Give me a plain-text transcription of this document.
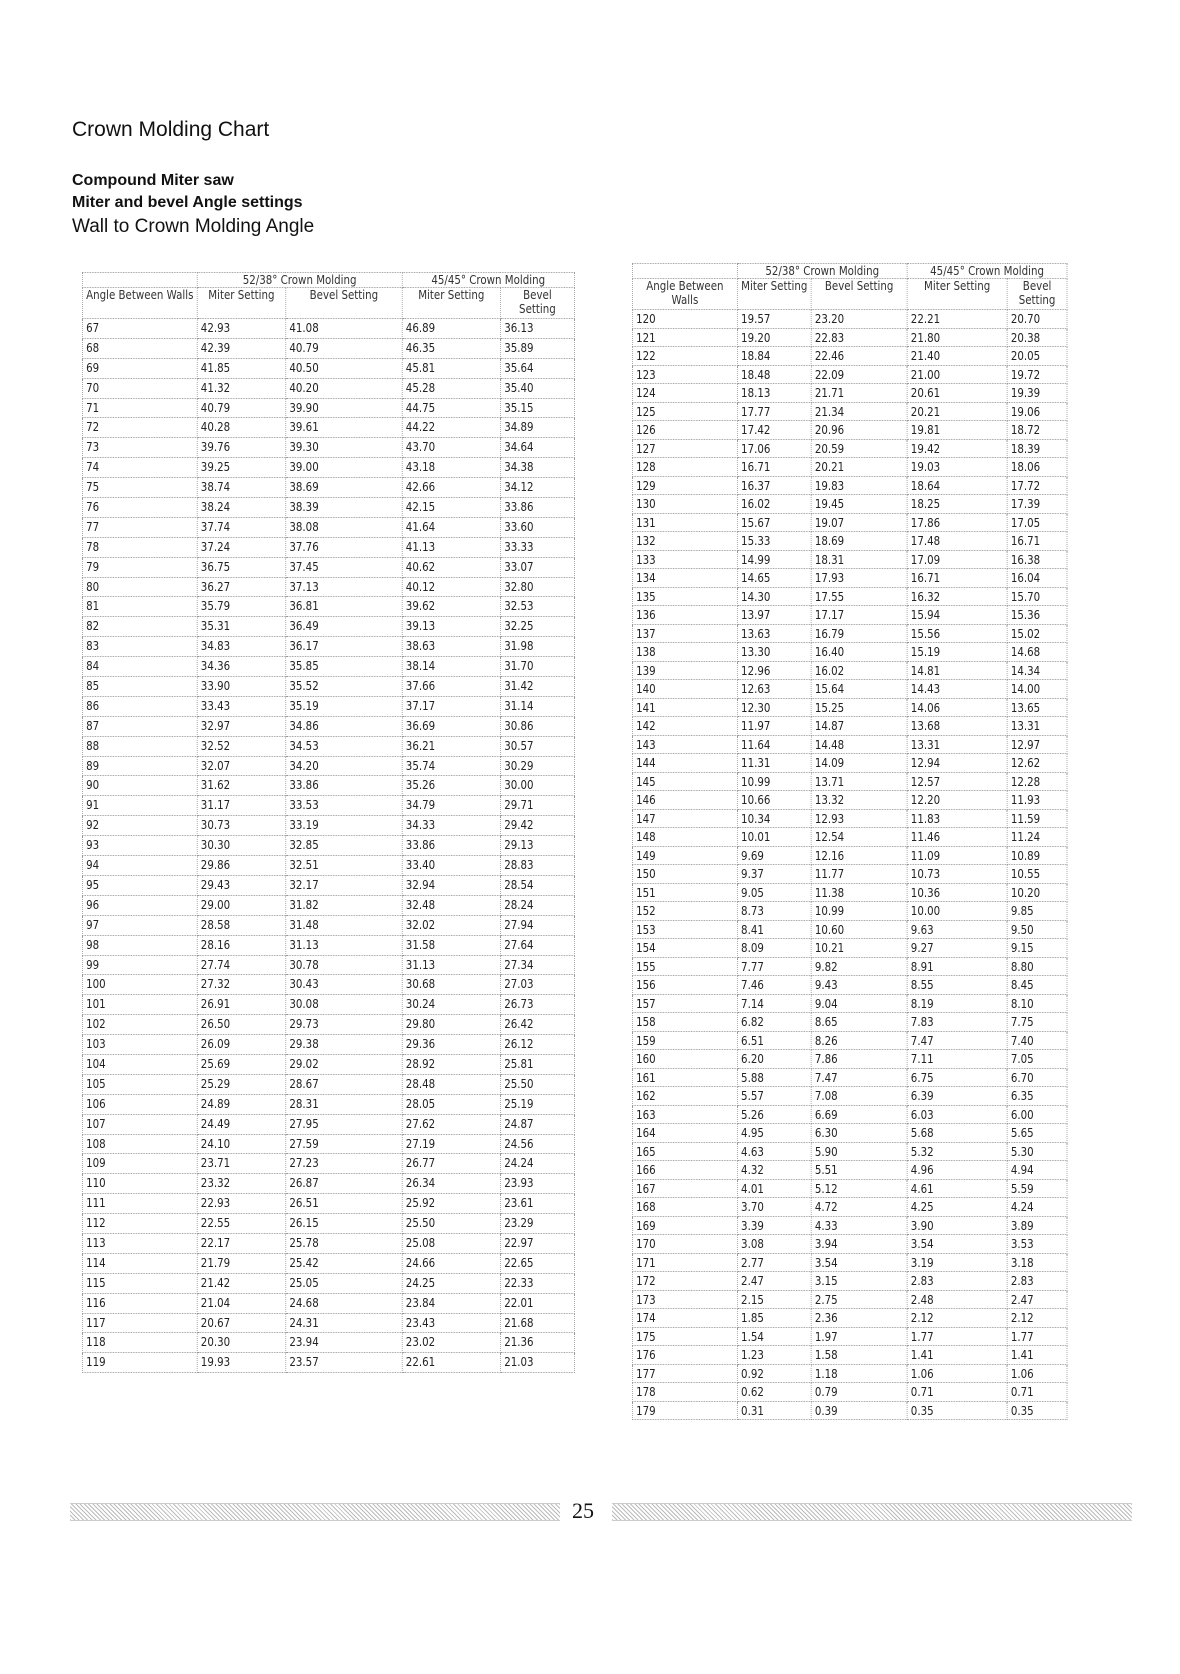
Crown Molding Chart
Compound Miter saw
Miter and bevel Angle settings
Wall to Crown Molding Angle
	52/38° Crown Molding		45/45° Crown Molding	
Angle Between Walls	Miter Setting	Bevel Setting	Miter Setting	Bevel Setting
67	42.93	41.08	46.89	36.13
68	42.39	40.79	46.35	35.89
69	41.85	40.50	45.81	35.64
70	41.32	40.20	45.28	35.40
71	40.79	39.90	44.75	35.15
72	40.28	39.61	44.22	34.89
73	39.76	39.30	43.70	34.64
74	39.25	39.00	43.18	34.38
75	38.74	38.69	42.66	34.12
76	38.24	38.39	42.15	33.86
77	37.74	38.08	41.64	33.60
78	37.24	37.76	41.13	33.33
79	36.75	37.45	40.62	33.07
80	36.27	37.13	40.12	32.80
81	35.79	36.81	39.62	32.53
82	35.31	36.49	39.13	32.25
83	34.83	36.17	38.63	31.98
84	34.36	35.85	38.14	31.70
85	33.90	35.52	37.66	31.42
86	33.43	35.19	37.17	31.14
87	32.97	34.86	36.69	30.86
88	32.52	34.53	36.21	30.57
89	32.07	34.20	35.74	30.29
90	31.62	33.86	35.26	30.00
91	31.17	33.53	34.79	29.71
92	30.73	33.19	34.33	29.42
93	30.30	32.85	33.86	29.13
94	29.86	32.51	33.40	28.83
95	29.43	32.17	32.94	28.54
96	29.00	31.82	32.48	28.24
97	28.58	31.48	32.02	27.94
98	28.16	31.13	31.58	27.64
99	27.74	30.78	31.13	27.34
100	27.32	30.43	30.68	27.03
101	26.91	30.08	30.24	26.73
102	26.50	29.73	29.80	26.42
103	26.09	29.38	29.36	26.12
104	25.69	29.02	28.92	25.81
105	25.29	28.67	28.48	25.50
106	24.89	28.31	28.05	25.19
107	24.49	27.95	27.62	24.87
108	24.10	27.59	27.19	24.56
109	23.71	27.23	26.77	24.24
110	23.32	26.87	26.34	23.93
111	22.93	26.51	25.92	23.61
112	22.55	26.15	25.50	23.29
113	22.17	25.78	25.08	22.97
114	21.79	25.42	24.66	22.65
115	21.42	25.05	24.25	22.33
116	21.04	24.68	23.84	22.01
117	20.67	24.31	23.43	21.68
118	20.30	23.94	23.02	21.36
119	19.93	23.57	22.61	21.03
	52/38° Crown Molding		45/45° Crown Molding	
Angle Between Walls	Miter Setting	Bevel Setting	Miter Setting	Bevel Setting
120	19.57	23.20	22.21	20.70
121	19.20	22.83	21.80	20.38
122	18.84	22.46	21.40	20.05
123	18.48	22.09	21.00	19.72
124	18.13	21.71	20.61	19.39
125	17.77	21.34	20.21	19.06
126	17.42	20.96	19.81	18.72
127	17.06	20.59	19.42	18.39
128	16.71	20.21	19.03	18.06
129	16.37	19.83	18.64	17.72
130	16.02	19.45	18.25	17.39
131	15.67	19.07	17.86	17.05
132	15.33	18.69	17.48	16.71
133	14.99	18.31	17.09	16.38
134	14.65	17.93	16.71	16.04
135	14.30	17.55	16.32	15.70
136	13.97	17.17	15.94	15.36
137	13.63	16.79	15.56	15.02
138	13.30	16.40	15.19	14.68
139	12.96	16.02	14.81	14.34
140	12.63	15.64	14.43	14.00
141	12.30	15.25	14.06	13.65
142	11.97	14.87	13.68	13.31
143	11.64	14.48	13.31	12.97
144	11.31	14.09	12.94	12.62
145	10.99	13.71	12.57	12.28
146	10.66	13.32	12.20	11.93
147	10.34	12.93	11.83	11.59
148	10.01	12.54	11.46	11.24
149	9.69	12.16	11.09	10.89
150	9.37	11.77	10.73	10.55
151	9.05	11.38	10.36	10.20
152	8.73	10.99	10.00	9.85
153	8.41	10.60	9.63	9.50
154	8.09	10.21	9.27	9.15
155	7.77	9.82	8.91	8.80
156	7.46	9.43	8.55	8.45
157	7.14	9.04	8.19	8.10
158	6.82	8.65	7.83	7.75
159	6.51	8.26	7.47	7.40
160	6.20	7.86	7.11	7.05
161	5.88	7.47	6.75	6.70
162	5.57	7.08	6.39	6.35
163	5.26	6.69	6.03	6.00
164	4.95	6.30	5.68	5.65
165	4.63	5.90	5.32	5.30
166	4.32	5.51	4.96	4.94
167	4.01	5.12	4.61	5.59
168	3.70	4.72	4.25	4.24
169	3.39	4.33	3.90	3.89
170	3.08	3.94	3.54	3.53
171	2.77	3.54	3.19	3.18
172	2.47	3.15	2.83	2.83
173	2.15	2.75	2.48	2.47
174	1.85	2.36	2.12	2.12
175	1.54	1.97	1.77	1.77
176	1.23	1.58	1.41	1.41
177	0.92	1.18	1.06	1.06
178	0.62	0.79	0.71	0.71
179	0.31	0.39	0.35	0.35
25
